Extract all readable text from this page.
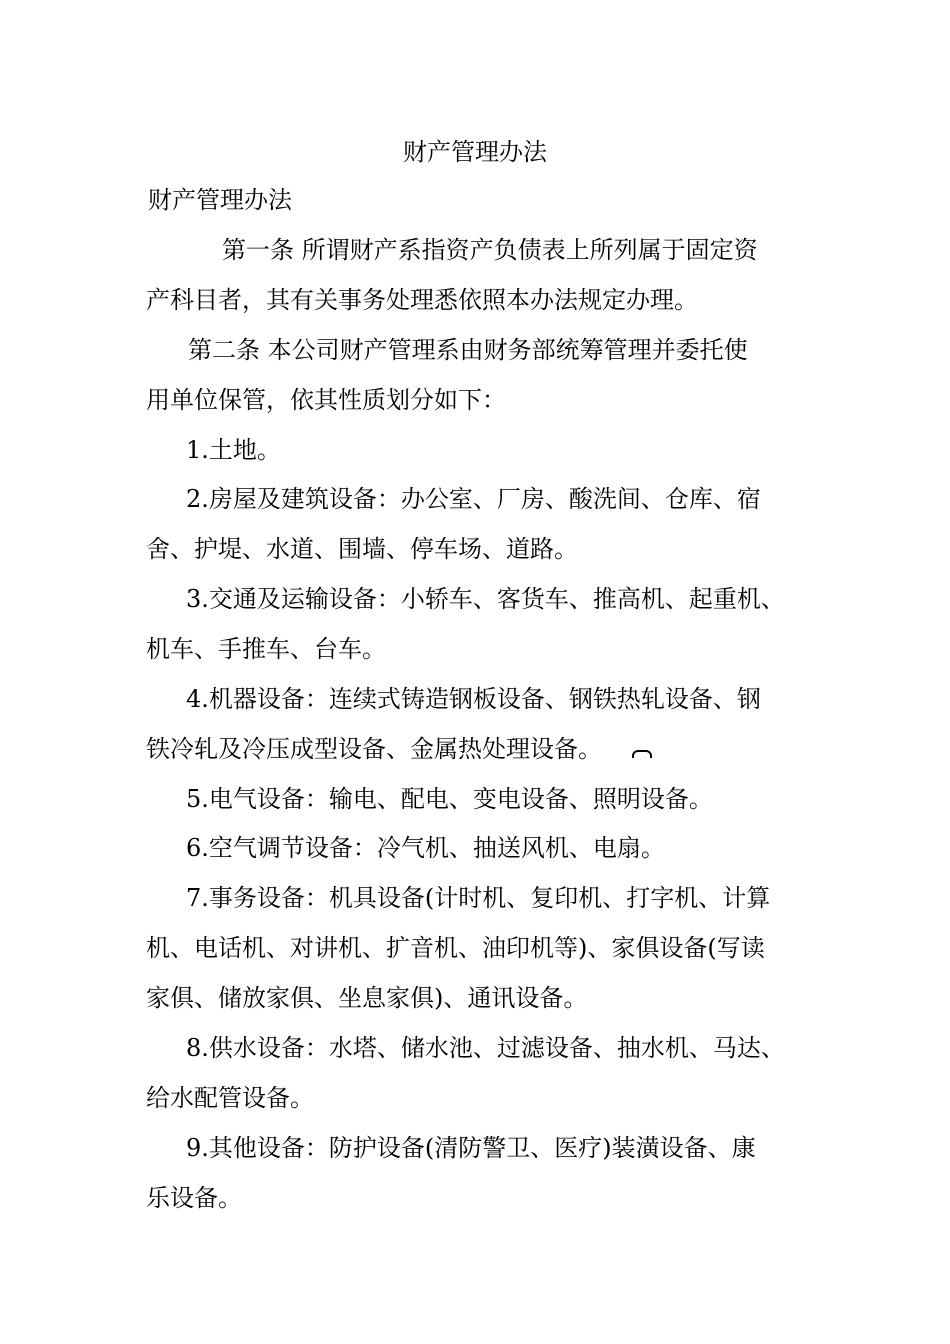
财产管理办法
财产管理办法
第一条 所谓财产系指资产负债表上所列属于固定资
产科目者，其有关事务处理悉依照本办法规定办理。
第二条 本公司财产管理系由财务部统筹管理并委托使
用单位保管，依其性质划分如下：
1.土地。
2.房屋及建筑设备：办公室、厂房、酸洗间、仓库、宿
舍、护堤、水道、围墙、停车场、道路。
3.交通及运输设备：小轿车、客货车、推高机、起重机、
机车、手推车、台车。
4.机器设备：连续式铸造钢板设备、钢铁热轧设备、钢
铁冷轧及冷压成型设备、金属热处理设备。
5.电气设备：输电、配电、变电设备、照明设备。
6.空气调节设备：冷气机、抽送风机、电扇。
7.事务设备：机具设备(计时机、复印机、打字机、计算
机、电话机、对讲机、扩音机、油印机等)、家俱设备(写读
家俱、储放家俱、坐息家俱)、通讯设备。
8.供水设备：水塔、储水池、过滤设备、抽水机、马达、
给水配管设备。
9.其他设备：防护设备(清防警卫、医疗)装潢设备、康
乐设备。
